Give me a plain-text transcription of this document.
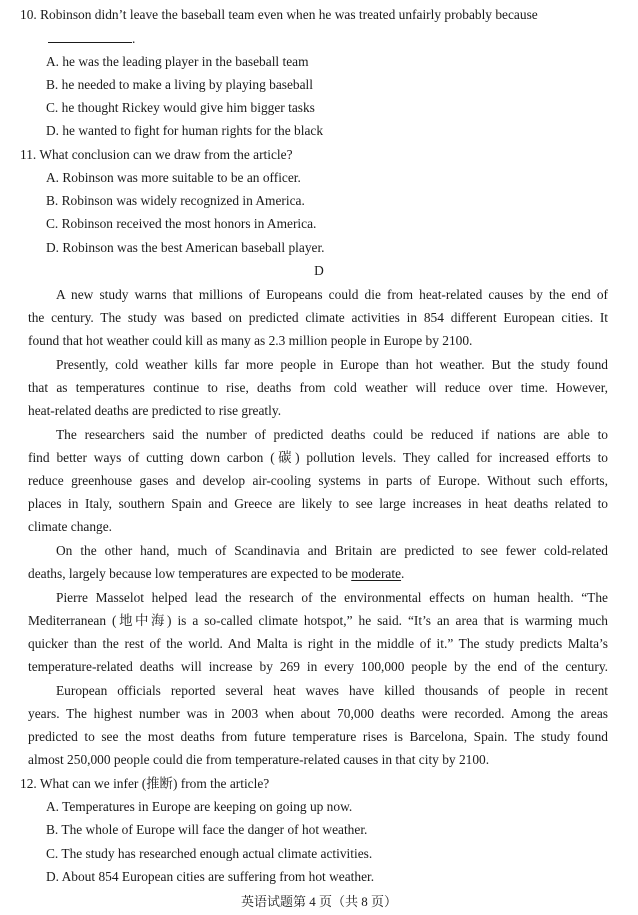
10. Robinson didn’t leave the baseball team even when he was treated unfairly probably because
.
A. he was the leading player in the baseball team
B. he needed to make a living by playing baseball
C. he thought Rickey would give him bigger tasks
D. he wanted to fight for human rights for the black
11. What conclusion can we draw from the article?
A. Robinson was more suitable to be an officer.
B. Robinson was widely recognized in America.
C. Robinson received the most honors in America.
D. Robinson was the best American baseball player.
D
A new study warns that millions of Europeans could die from heat-related causes by the end of
the century. The study was based on predicted climate activities in 854 different European cities. It
found that hot weather could kill as many as 2.3 million people in Europe by 2100.
Presently, cold weather kills far more people in Europe than hot weather. But the study found
that as temperatures continue to rise, deaths from cold weather will reduce over time. However,
heat-related deaths are predicted to rise greatly.
The researchers said the number of predicted deaths could be reduced if nations are able to
find better ways of cutting down carbon (碳) pollution levels. They called for increased efforts to
reduce greenhouse gases and develop air-cooling systems in parts of Europe. Without such efforts,
places in Italy, southern Spain and Greece are likely to see large increases in heat deaths related to
climate change.
On the other hand, much of Scandinavia and Britain are predicted to see fewer cold-related
deaths, largely because low temperatures are expected to be moderate.
Pierre Masselot helped lead the research of the environmental effects on human health. “The
Mediterranean (地中海) is a so-called climate hotspot,” he said. “It’s an area that is warming much
quicker than the rest of the world. And Malta is right in the middle of it.” The study predicts Malta’s
temperature-related deaths will increase by 269 in every 100,000 people by the end of the century.
European officials reported several heat waves have killed thousands of people in recent
years. The highest number was in 2003 when about 70,000 deaths were recorded. Among the areas
predicted to see the most deaths from future temperature rises is Barcelona, Spain. The study found
almost 250,000 people could die from temperature-related causes in that city by 2100.
12. What can we infer (推断) from the article?
A. Temperatures in Europe are keeping on going up now.
B. The whole of Europe will face the danger of hot weather.
C. The study has researched enough actual climate activities.
D. About 854 European cities are suffering from hot weather.
英语试题第 4 页（共 8 页）
